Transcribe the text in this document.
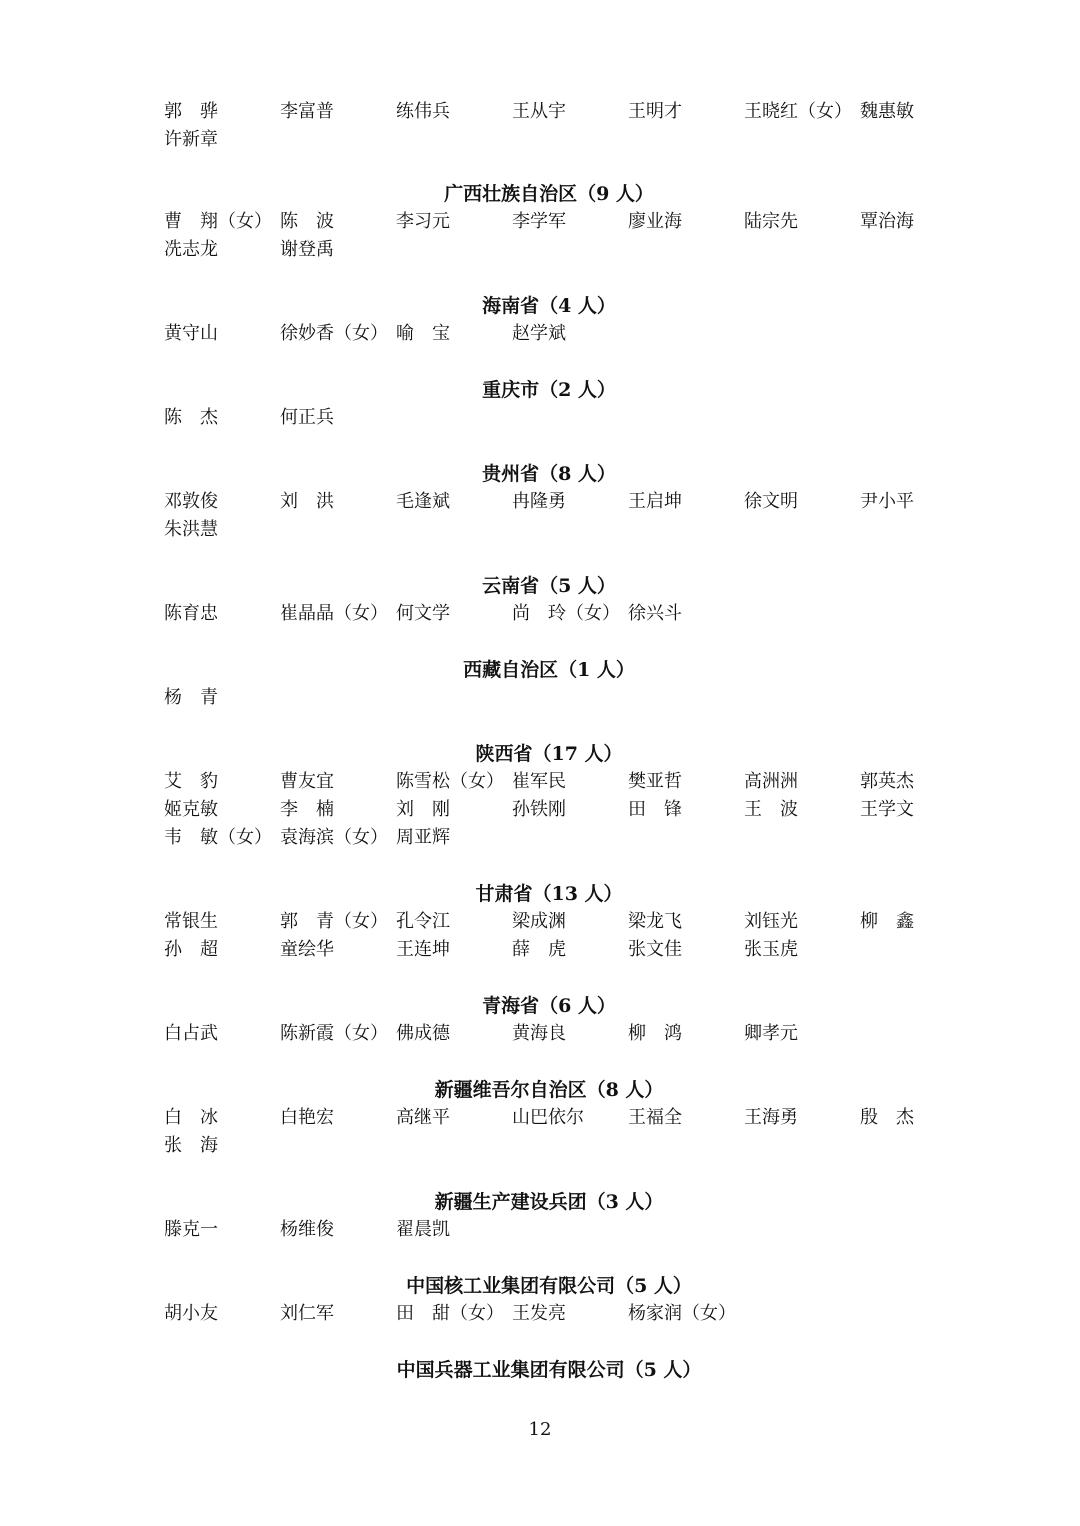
郭　骅	李富普	练伟兵	王从宇	王明才	王晓红（女） 魏惠敏
许新章
广西壮族自治区（9 人）
曹　翔（女） 陈　波	李习元	李学军	廖业海	陆宗先	覃治海
冼志龙	谢登禹
海南省（4 人）
黄守山	徐妙香（女） 喻　宝	赵学斌
重庆市（2 人）
陈　杰	何正兵
贵州省（8 人）
邓敦俊	刘　洪	毛逢斌	冉隆勇	王启坤	徐文明	尹小平
朱洪慧
云南省（5 人）
陈育忠	崔晶晶（女） 何文学	尚　玲（女） 徐兴斗
西藏自治区（1 人）
杨　青
陕西省（17 人）
艾　豹	曹友宜	陈雪松（女） 崔军民	樊亚哲	高洲洲	郭英杰
姬克敏	李　楠	刘　刚	孙铁刚	田　锋	王　波	王学文
韦　敏（女） 袁海滨（女） 周亚辉
甘肃省（13 人）
常银生	郭　青（女） 孔令江	梁成渊	梁龙飞	刘钰光	柳　鑫
孙　超	童绘华	王连坤	薛　虎	张文佳	张玉虎
青海省（6 人）
白占武	陈新霞（女） 佛成德	黄海良	柳　鸿	卿孝元
新疆维吾尔自治区（8 人）
白　冰	白艳宏	高继平	山巴依尔	王福全	王海勇	殷　杰
张　海
新疆生产建设兵团（3 人）
滕克一	杨维俊	翟晨凯
中国核工业集团有限公司（5 人）
胡小友	刘仁军	田　甜（女） 王发亮	杨家润（女）
中国兵器工业集团有限公司（5 人）
12
